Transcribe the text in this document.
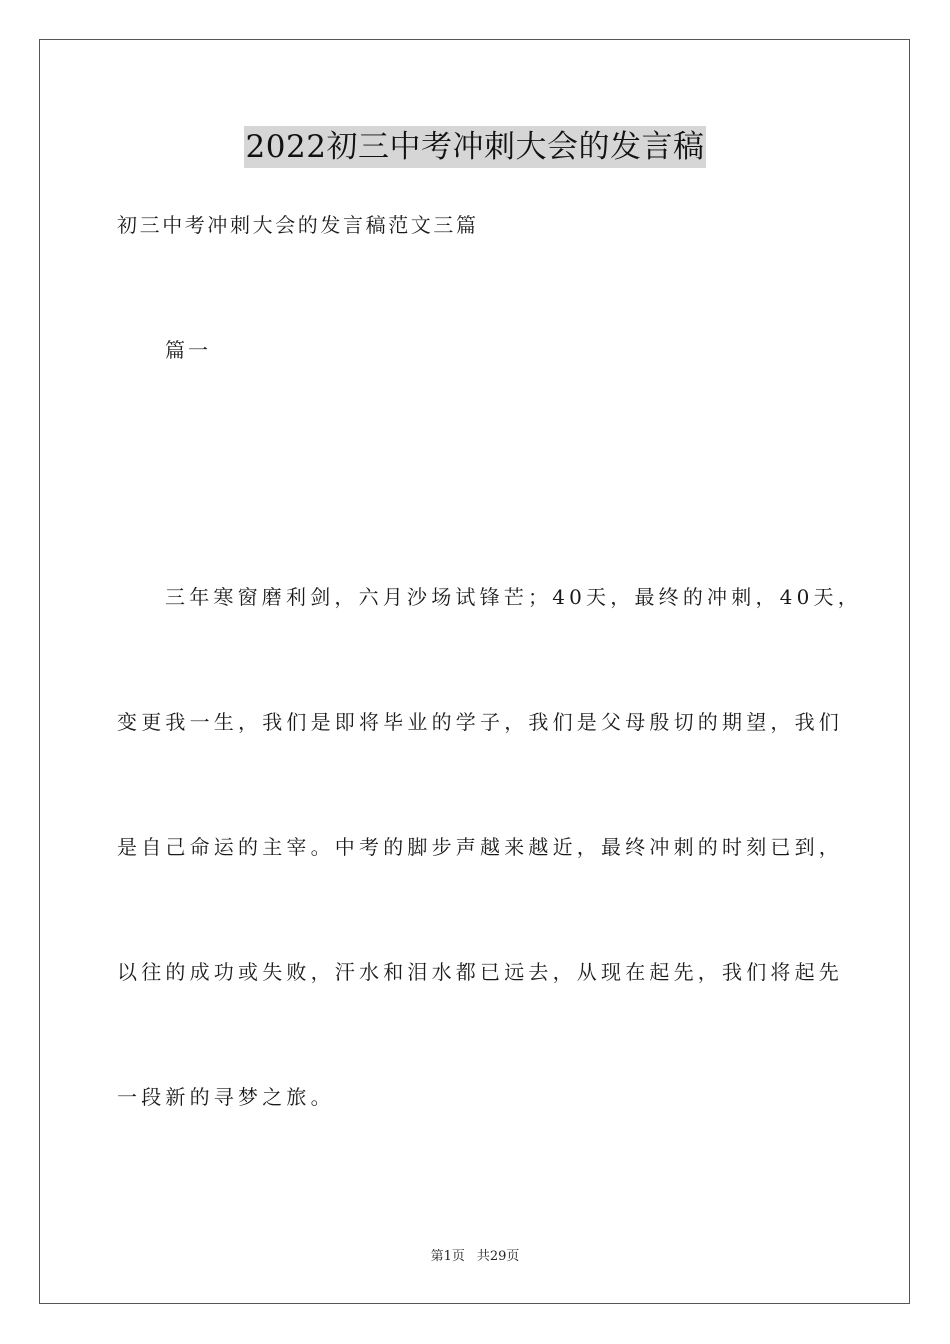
2022初三中考冲刺大会的发言稿
初三中考冲刺大会的发言稿范文三篇
篇一
三年寒窗磨利剑，六月沙场试锋芒；40天，最终的冲刺，40天，
变更我一生，我们是即将毕业的学子，我们是父母殷切的期望，我们
是自己命运的主宰。中考的脚步声越来越近，最终冲刺的时刻已到，
以往的成功或失败，汗水和泪水都已远去，从现在起先，我们将起先
一段新的寻梦之旅。
第1页 共29页
